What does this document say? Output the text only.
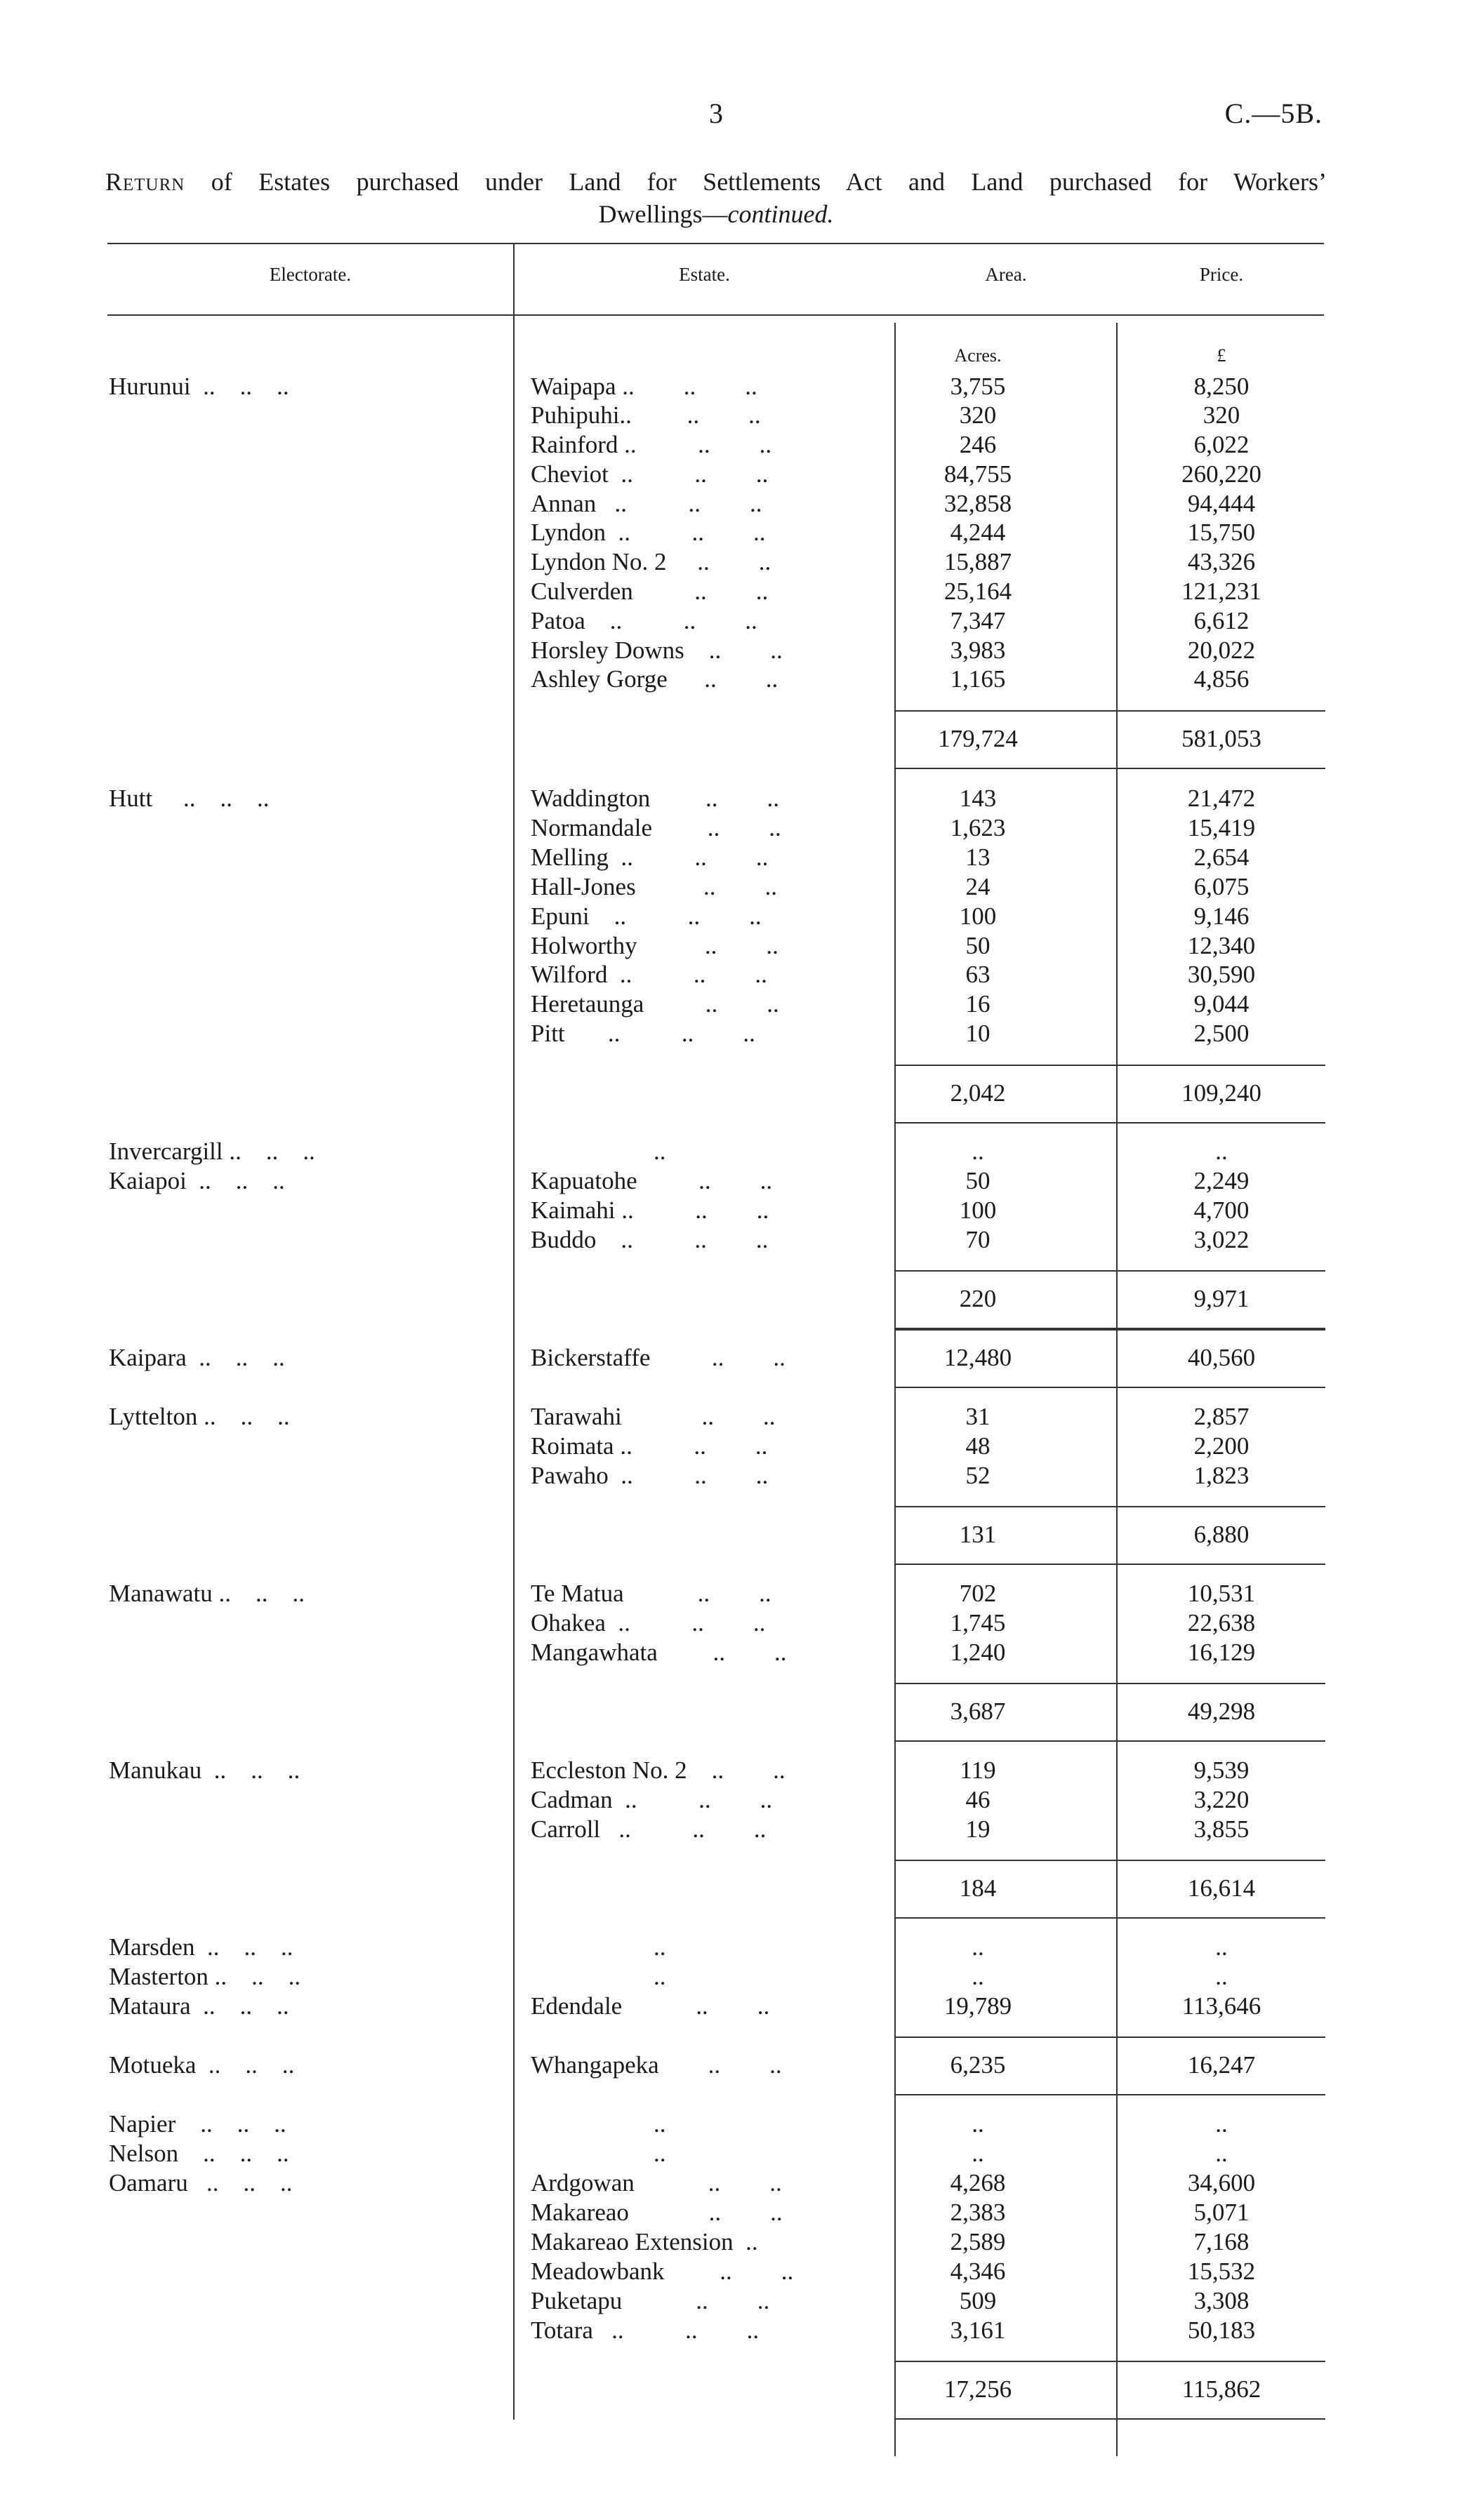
3	C.—5B.
Return of Estates purchased under Land for Settlements Act and Land purchased for Workers’
Dwellings—continued.
Electorate.	Estate.	Area.	Price.
Acres.	£
Hurunui  ..    ..    ..	Waipapa ..        ..        ..	3,755	8,250
Puhipuhi..         ..        ..	320	320
Rainford ..          ..        ..	246	6,022
Cheviot  ..          ..        ..	84,755	260,220
Annan   ..          ..        ..	32,858	94,444
Lyndon  ..          ..        ..	4,244	15,750
Lyndon No. 2     ..        ..	15,887	43,326
Culverden          ..        ..	25,164	121,231
Patoa    ..          ..        ..	7,347	6,612
Horsley Downs    ..        ..	3,983	20,022
Ashley Gorge      ..        ..	1,165	4,856
179,724	581,053
Hutt     ..    ..    ..	Waddington         ..        ..	143	21,472
Normandale         ..        ..	1,623	15,419
Melling  ..          ..        ..	13	2,654
Hall-Jones           ..        ..	24	6,075
Epuni    ..          ..        ..	100	9,146
Holworthy           ..        ..	50	12,340
Wilford  ..          ..        ..	63	30,590
Heretaunga          ..        ..	16	9,044
Pitt       ..          ..        ..	10	2,500
2,042	109,240
Invercargill ..    ..    ..	..	..	..
Kaiapoi  ..    ..    ..	Kapuatohe          ..        ..	50	2,249
Kaimahi ..          ..        ..	100	4,700
Buddo    ..          ..        ..	70	3,022
220	9,971
Kaipara  ..    ..    ..	Bickerstaffe          ..        ..	12,480	40,560
Lyttelton ..    ..    ..	Tarawahi             ..        ..	31	2,857
Roimata ..          ..        ..	48	2,200
Pawaho  ..          ..        ..	52	1,823
131	6,880
Manawatu ..    ..    ..	Te Matua            ..        ..	702	10,531
Ohakea  ..          ..        ..	1,745	22,638
Mangawhata         ..        ..	1,240	16,129
3,687	49,298
Manukau  ..    ..    ..	Eccleston No. 2    ..        ..	119	9,539
Cadman  ..          ..        ..	46	3,220
Carroll   ..          ..        ..	19	3,855
184	16,614
Marsden  ..    ..    ..	..	..	..
Masterton ..    ..    ..	..	..	..
Mataura  ..    ..    ..	Edendale            ..        ..	19,789	113,646
Motueka  ..    ..    ..	Whangapeka        ..        ..	6,235	16,247
Napier    ..    ..    ..	..	..	..
Nelson    ..    ..    ..	..	..	..
Oamaru   ..    ..    ..	Ardgowan            ..        ..	4,268	34,600
Makareao             ..        ..	2,383	5,071
Makareao Extension  ..	2,589	7,168
Meadowbank         ..        ..	4,346	15,532
Puketapu            ..        ..	509	3,308
Totara   ..          ..        ..	3,161	50,183
17,256	115,862
